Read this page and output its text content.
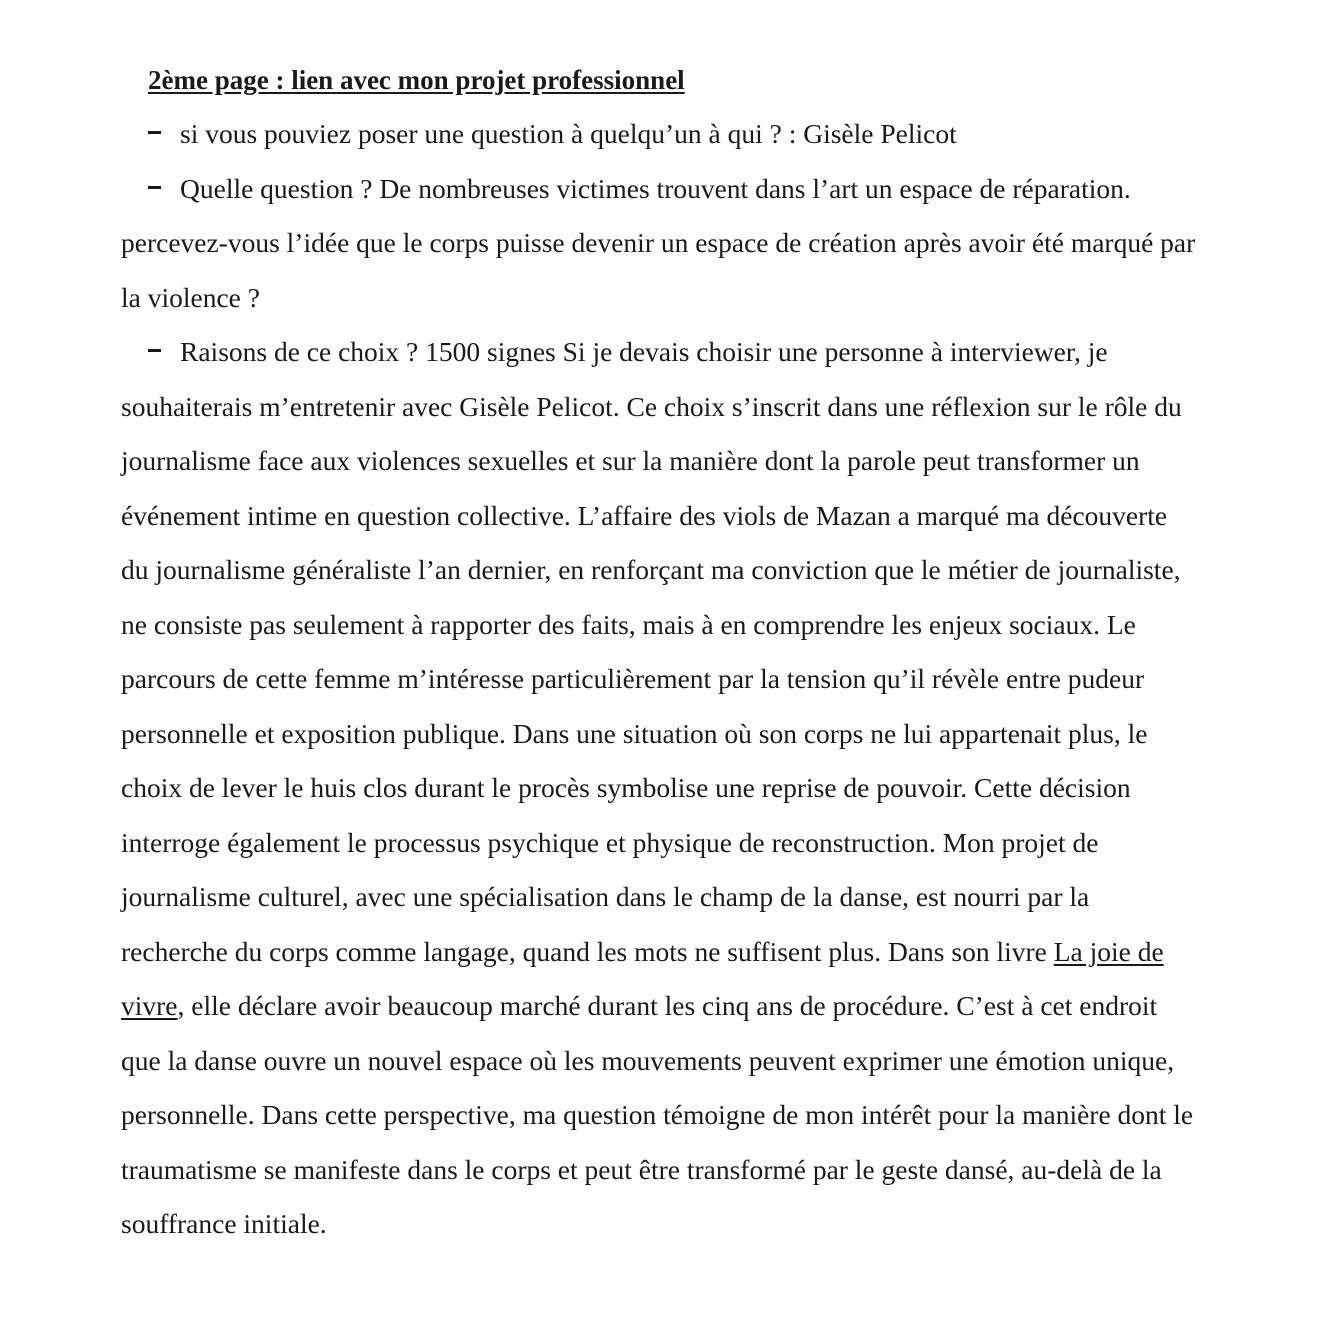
2ème page : lien avec mon projet professionnel
si vous pouviez poser une question à quelqu’un à qui ? : Gisèle Pelicot
Quelle question ? De nombreuses victimes trouvent dans l’art un espace de réparation.
percevez-vous l’idée que le corps puisse devenir un espace de création après avoir été marqué par
la violence ?
Raisons de ce choix ? 1500 signes Si je devais choisir une personne à interviewer, je
souhaiterais m’entretenir avec Gisèle Pelicot. Ce choix s’inscrit dans une réflexion sur le rôle du
journalisme face aux violences sexuelles et sur la manière dont la parole peut transformer un
événement intime en question collective. L’affaire des viols de Mazan a marqué ma découverte
du journalisme généraliste l’an dernier, en renforçant ma conviction que le métier de journaliste,
ne consiste pas seulement à rapporter des faits, mais à en comprendre les enjeux sociaux. Le
parcours de cette femme m’intéresse particulièrement par la tension qu’il révèle entre pudeur
personnelle et exposition publique. Dans une situation où son corps ne lui appartenait plus, le
choix de lever le huis clos durant le procès symbolise une reprise de pouvoir. Cette décision
interroge également le processus psychique et physique de reconstruction. Mon projet de
journalisme culturel, avec une spécialisation dans le champ de la danse, est nourri par la
recherche du corps comme langage, quand les mots ne suffisent plus. Dans son livre La joie de
vivre, elle déclare avoir beaucoup marché durant les cinq ans de procédure. C’est à cet endroit
que la danse ouvre un nouvel espace où les mouvements peuvent exprimer une émotion unique,
personnelle. Dans cette perspective, ma question témoigne de mon intérêt pour la manière dont le
traumatisme se manifeste dans le corps et peut être transformé par le geste dansé, au-delà de la
souffrance initiale.
